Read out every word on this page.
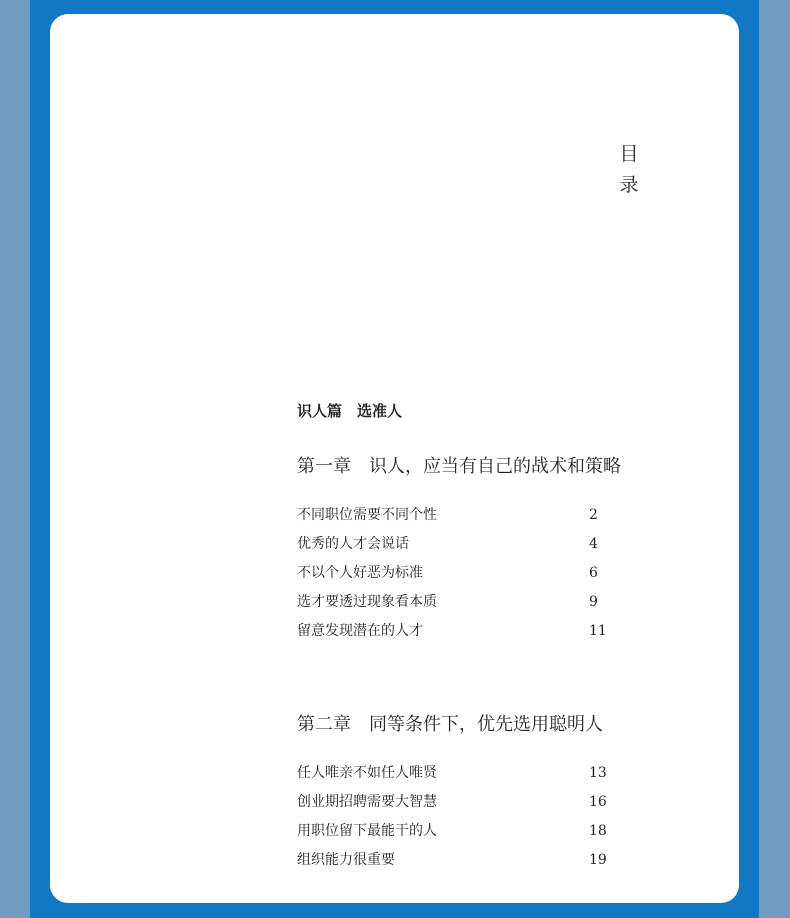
目录
识人篇　选准人
第一章　识人，应当有自己的战术和策略
不同职位需要不同个性	2
优秀的人才会说话	4
不以个人好恶为标准	6
选才要透过现象看本质	9
留意发现潜在的人才	11
第二章　同等条件下，优先选用聪明人
任人唯亲不如任人唯贤	13
创业期招聘需要大智慧	16
用职位留下最能干的人	18
组织能力很重要	19
